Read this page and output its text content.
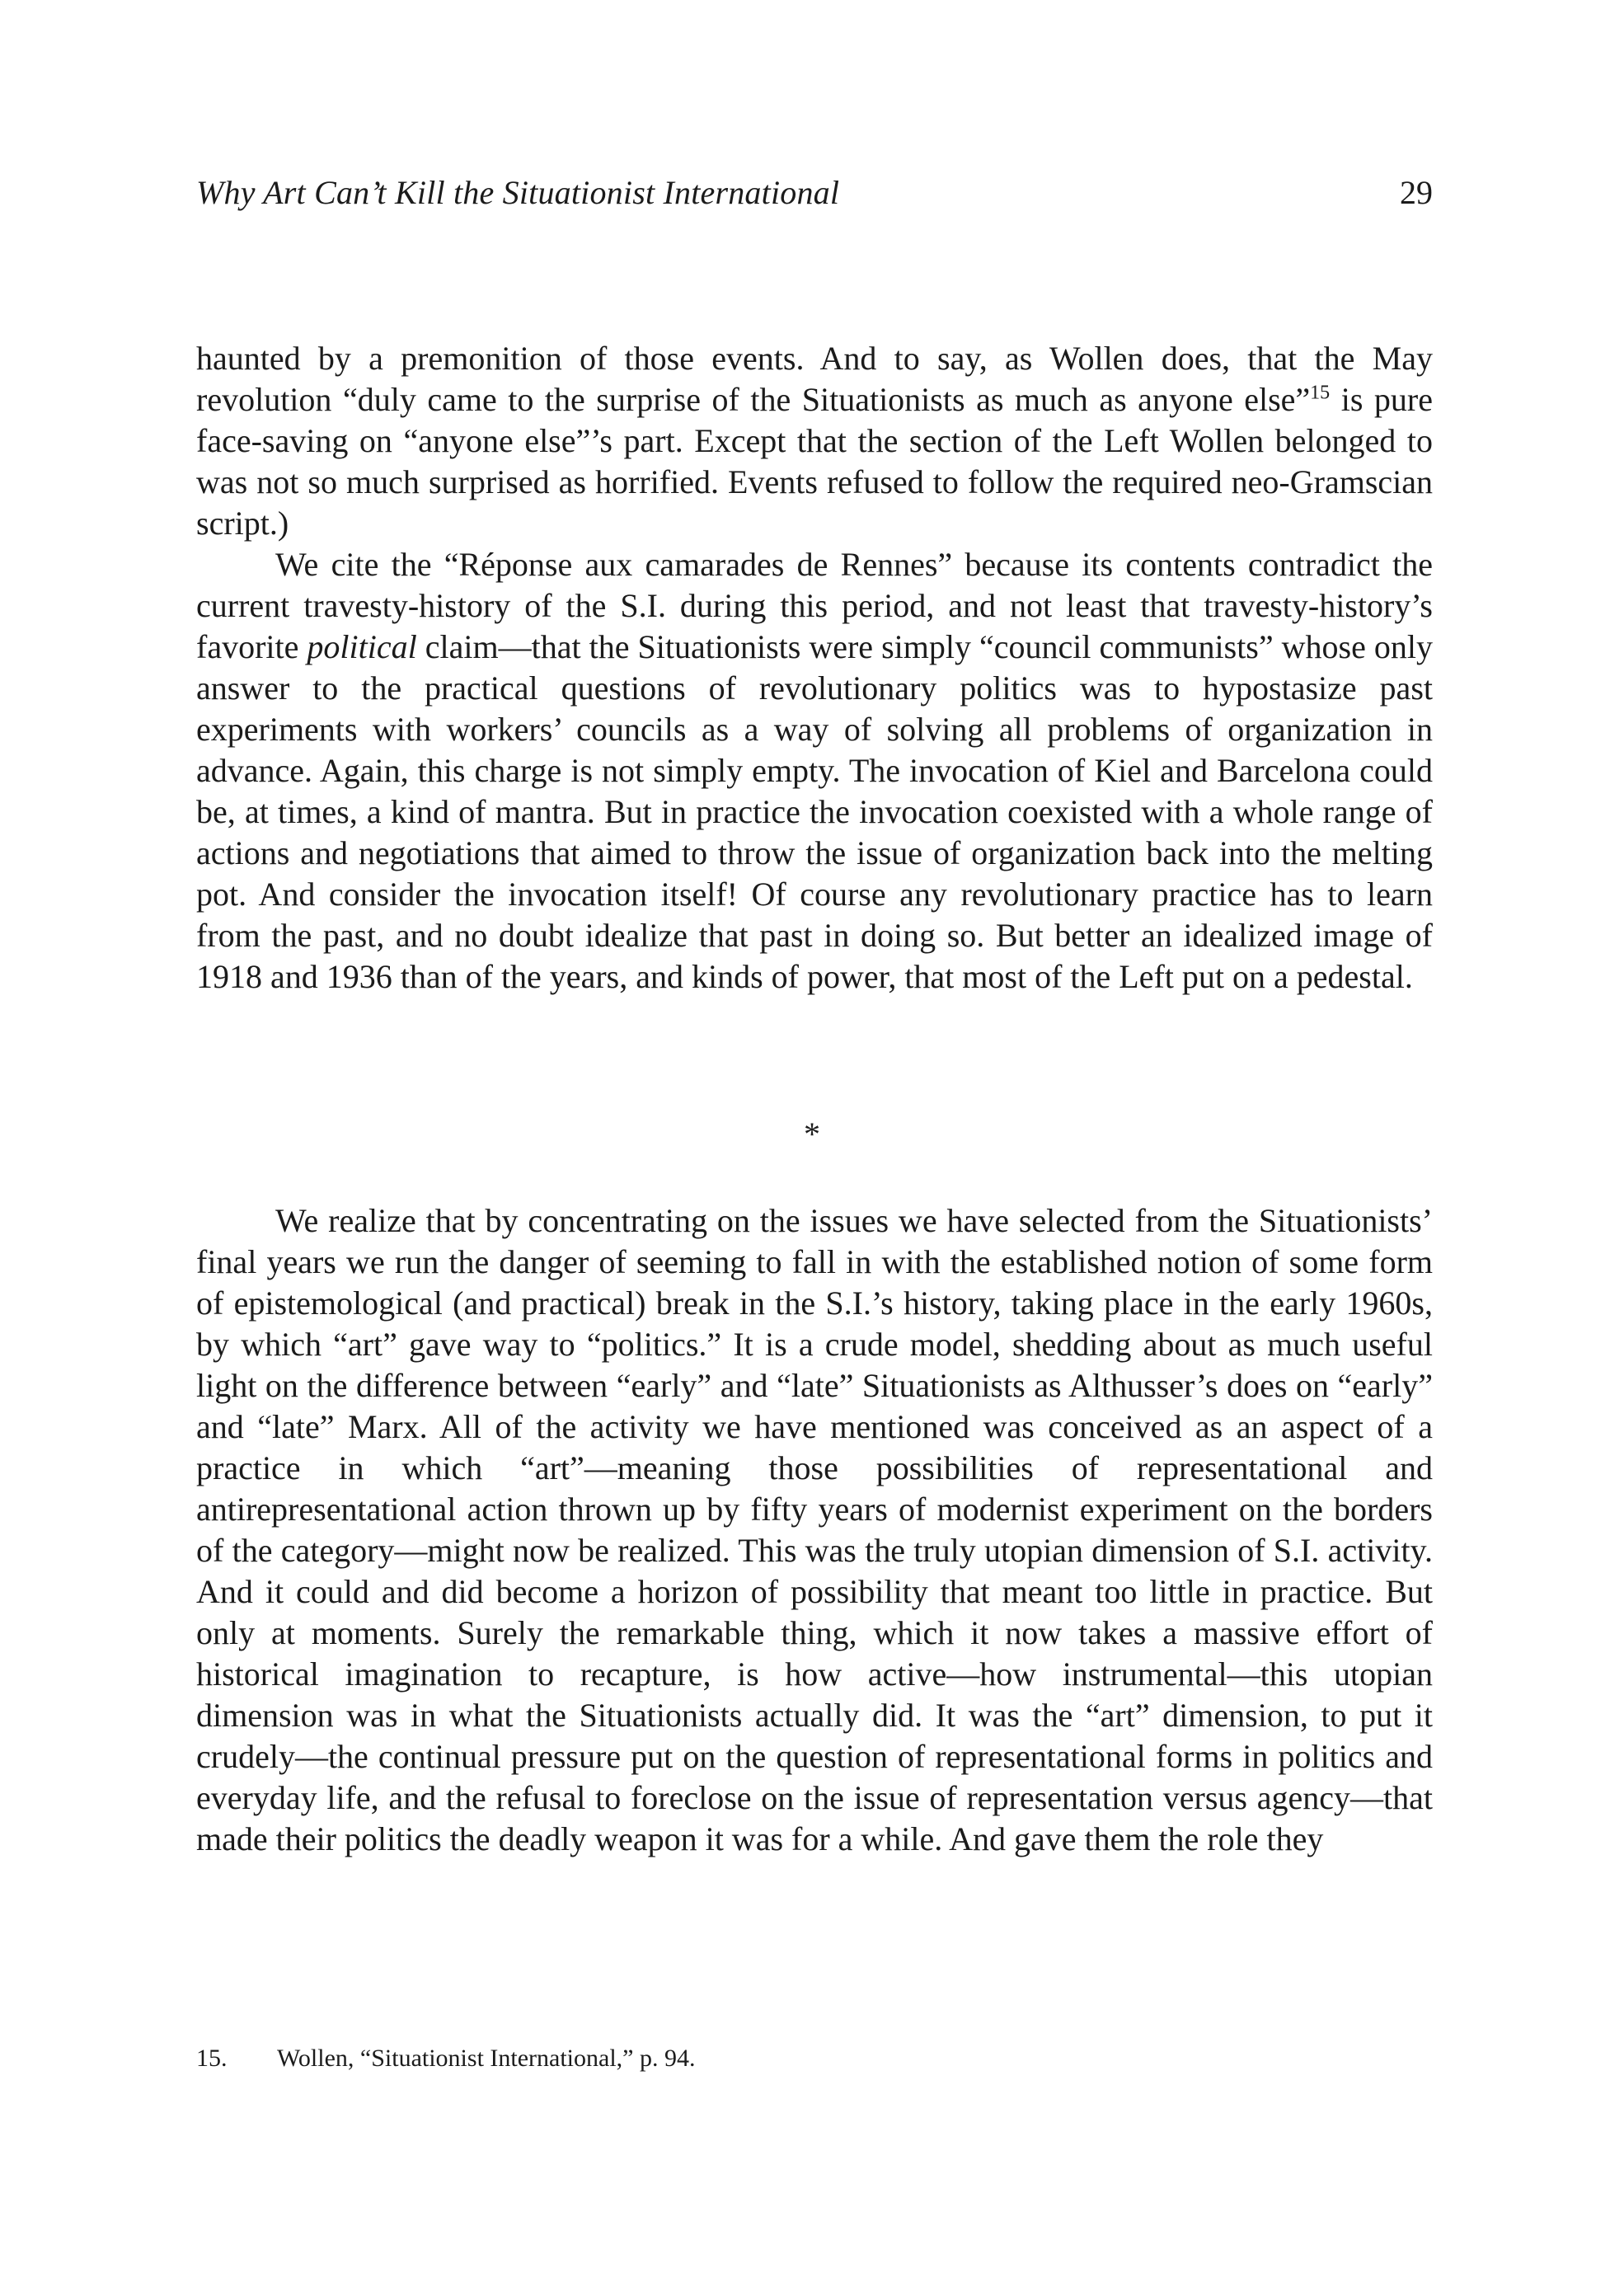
Why Art Can’t Kill the Situationist International	29

haunted by a premonition of those events. And to say, as Wollen does, that the May revolution “duly came to the surprise of the Situationists as much as anyone else”$^{15}$ is pure face-saving on “anyone else”’s part. Except that the section of the Left Wollen belonged to was not so much surprised as horrified. Events refused to follow the required neo-Gramscian script.)

We cite the “Réponse aux camarades de Rennes” because its contents contradict the current travesty-history of the S.I. during this period, and not least that travesty-history’s favorite political claim—that the Situationists were simply “council communists” whose only answer to the practical questions of revolutionary politics was to hypostasize past experiments with workers’ councils as a way of solving all problems of organization in advance. Again, this charge is not simply empty. The invocation of Kiel and Barcelona could be, at times, a kind of mantra. But in practice the invocation coexisted with a whole range of actions and negotiations that aimed to throw the issue of organization back into the melting pot. And consider the invocation itself! Of course any revolutionary practice has to learn from the past, and no doubt idealize that past in doing so. But better an idealized image of 1918 and 1936 than of the years, and kinds of power, that most of the Left put on a pedestal.

*

We realize that by concentrating on the issues we have selected from the Situationists’ final years we run the danger of seeming to fall in with the established notion of some form of epistemological (and practical) break in the S.I.’s history, taking place in the early 1960s, by which “art” gave way to “politics.” It is a crude model, shedding about as much useful light on the difference between “early” and “late” Situationists as Althusser’s does on “early” and “late” Marx. All of the activity we have mentioned was conceived as an aspect of a practice in which “art”—meaning those possibilities of representational and antirepresentational action thrown up by fifty years of modernist experiment on the borders of the category—might now be realized. This was the truly utopian dimension of S.I. activity. And it could and did become a horizon of possibility that meant too little in practice. But only at moments. Surely the remarkable thing, which it now takes a massive effort of historical imagination to recapture, is how active—how instrumental—this utopian dimension was in what the Situationists actually did. It was the “art” dimension, to put it crudely—the continual pressure put on the question of representational forms in politics and everyday life, and the refusal to foreclose on the issue of representation versus agency—that made their politics the deadly weapon it was for a while. And gave them the role they

15. Wollen, “Situationist International,” p. 94.
